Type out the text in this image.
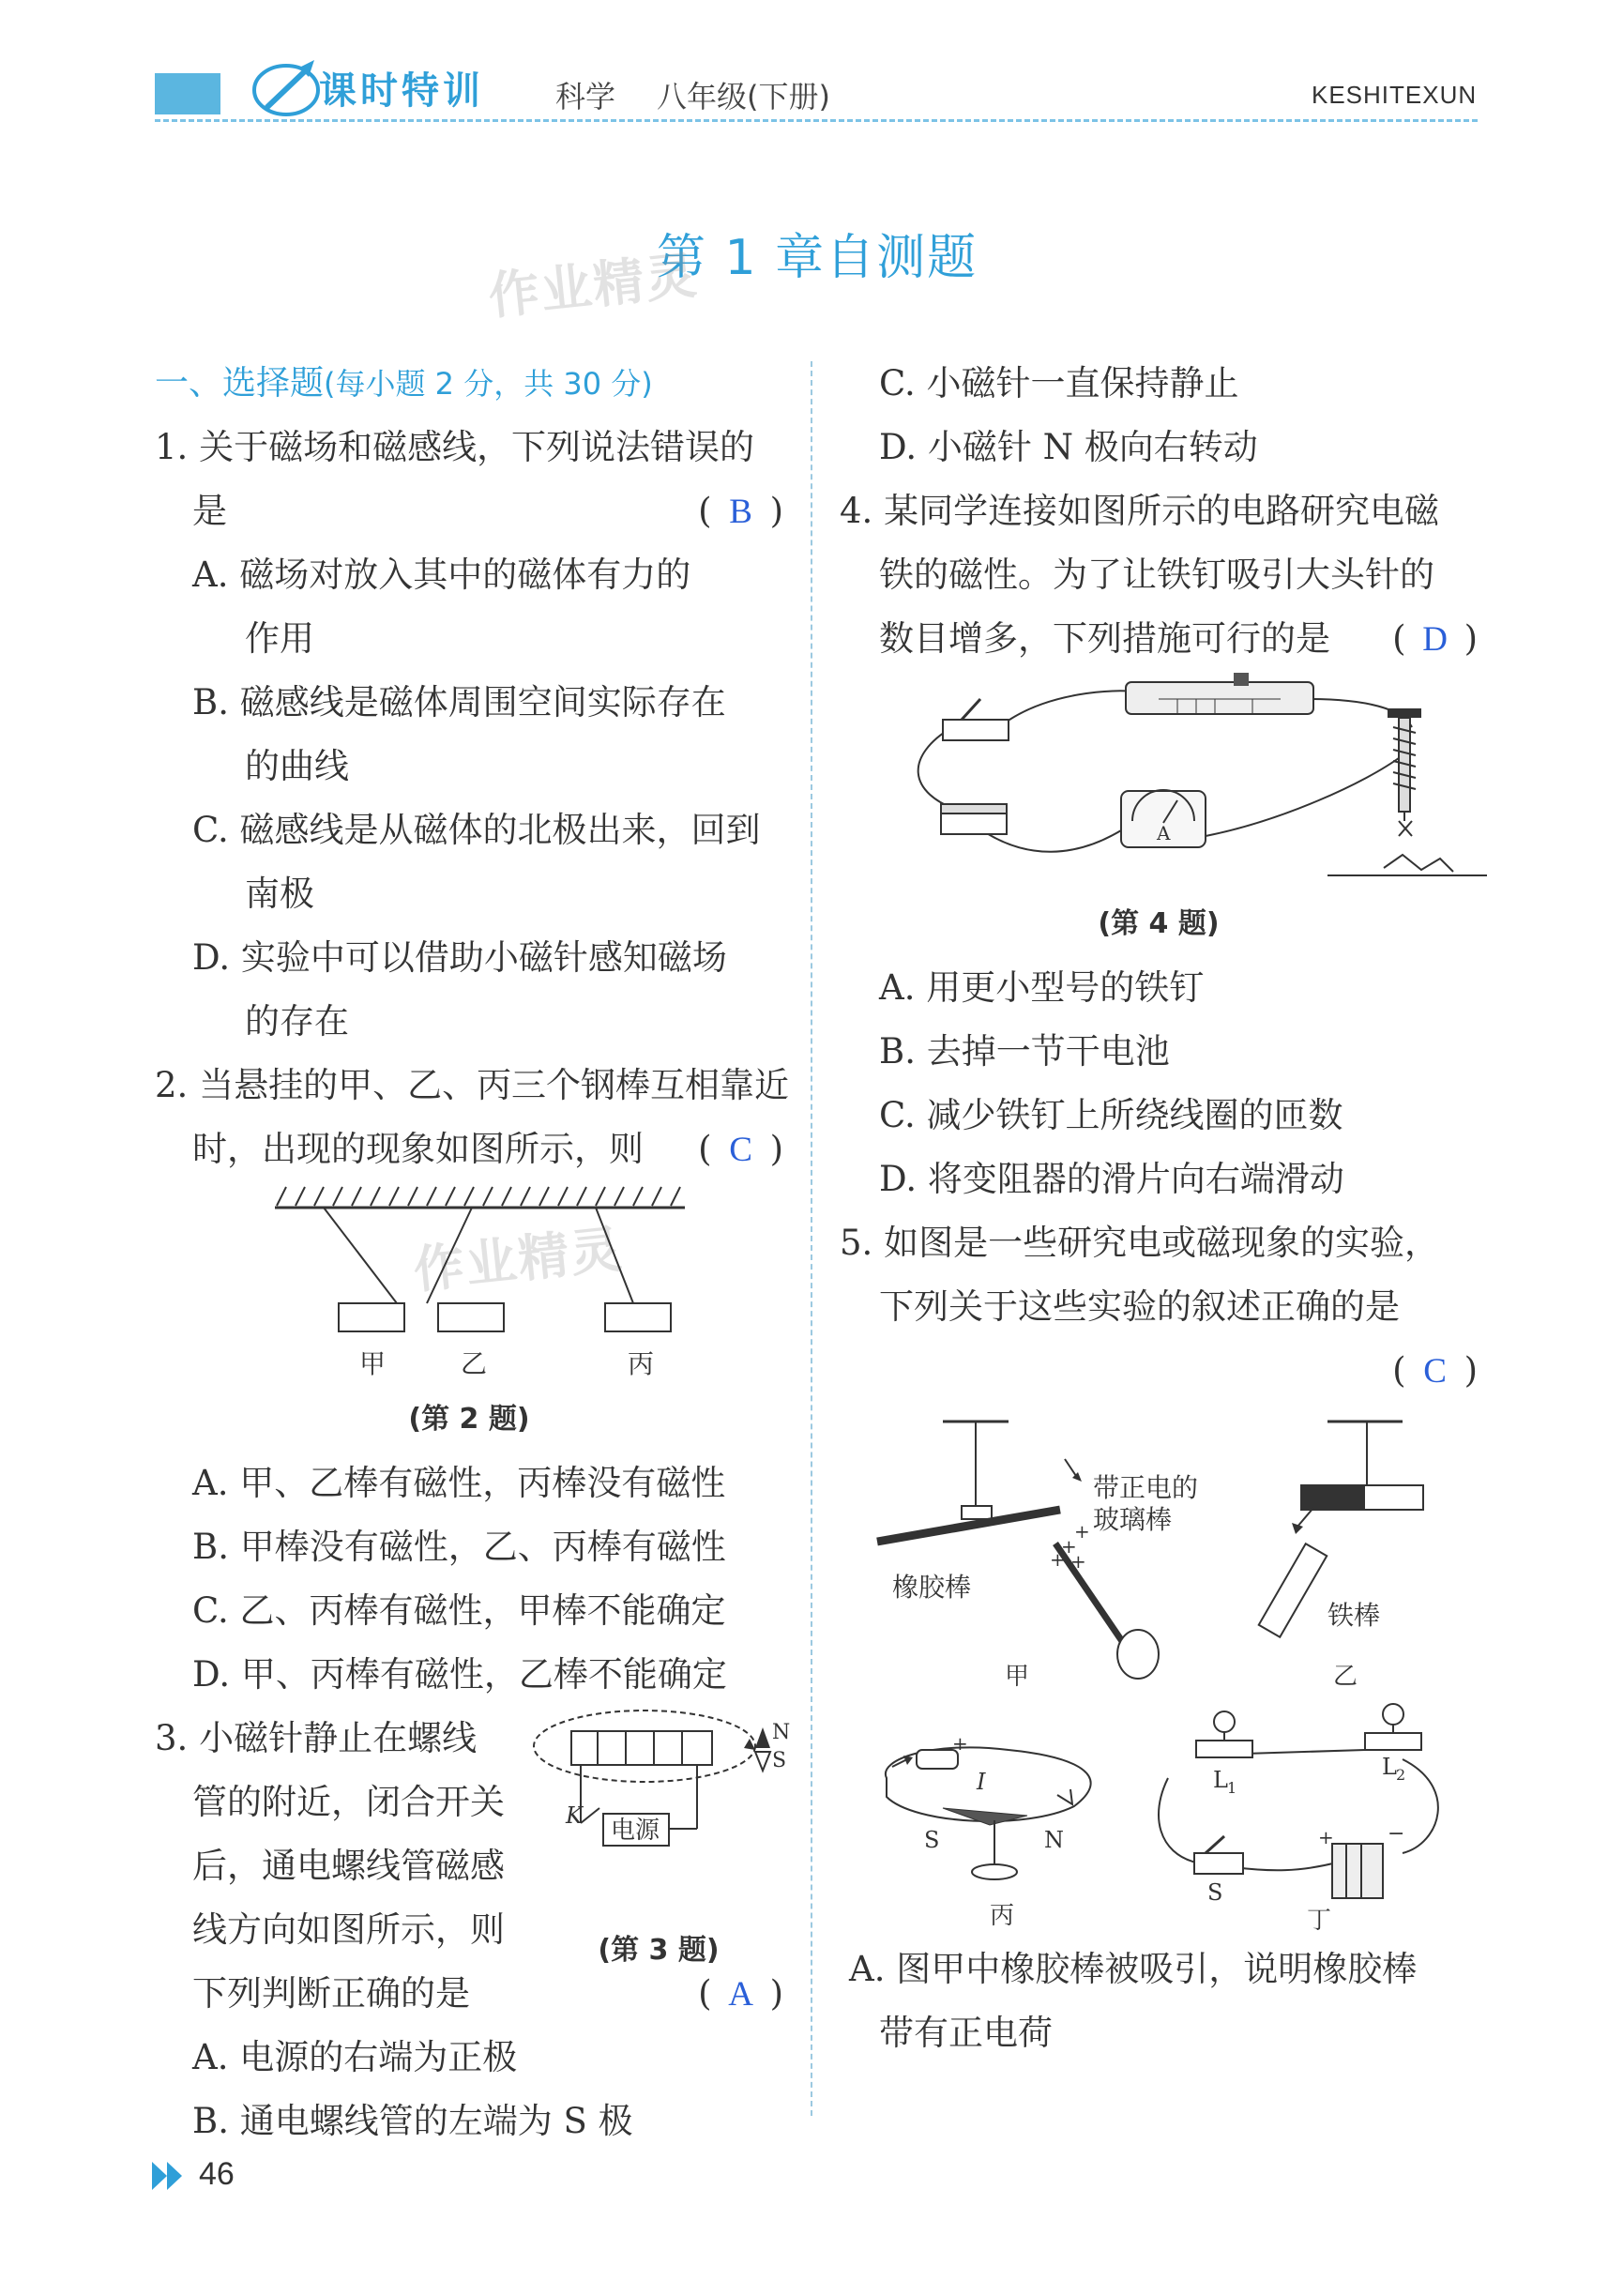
课时特训 科学 八年级(下册)	KESHITEXUN
第 1 章自测题
作业精灵
作业精灵
一、选择题(每小题 2 分，共 30 分)
1. 关于磁场和磁感线，下列说法错误的
是	( B )
A. 磁场对放入其中的磁体有力的
作用
B. 磁感线是磁体周围空间实际存在
的曲线
C. 磁感线是从磁体的北极出来，回到
南极
D. 实验中可以借助小磁针感知磁场
的存在
2. 当悬挂的甲、乙、丙三个钢棒互相靠近
时，出现的现象如图所示，则 ( C )
甲	乙	丙
(第 2 题)
A. 甲、乙棒有磁性，丙棒没有磁性
B. 甲棒没有磁性，乙、丙棒有磁性
C. 乙、丙棒有磁性，甲棒不能确定
D. 甲、丙棒有磁性，乙棒不能确定
3. 小磁针静止在螺线
管的附近，闭合开关
后，通电螺线管磁感
线方向如图所示，则
下列判断正确的是	( A )
A. 电源的右端为正极
B. 通电螺线管的左端为 S 极
K
电源
N
S
(第 3 题)
C. 小磁针一直保持静止
D. 小磁针 N 极向右转动
4. 某同学连接如图所示的电路研究电磁
铁的磁性。为了让铁钉吸引大头针的
数目增多，下列措施可行的是 ( D )
A
(第 4 题)
A. 用更小型号的铁钉
B. 去掉一节干电池
C. 减少铁钉上所绕线圈的匝数
D. 将变阻器的滑片向右端滑动
5. 如图是一些研究电或磁现象的实验，
下列关于这些实验的叙述正确的是
( C )
+
+
+
+
橡胶棒
带正电的
玻璃棒
甲
铁棒
乙
+
I
S	N
丙
L 1
L 2
S
+	−
丁
A. 图甲中橡胶棒被吸引，说明橡胶棒
带有正电荷
46
